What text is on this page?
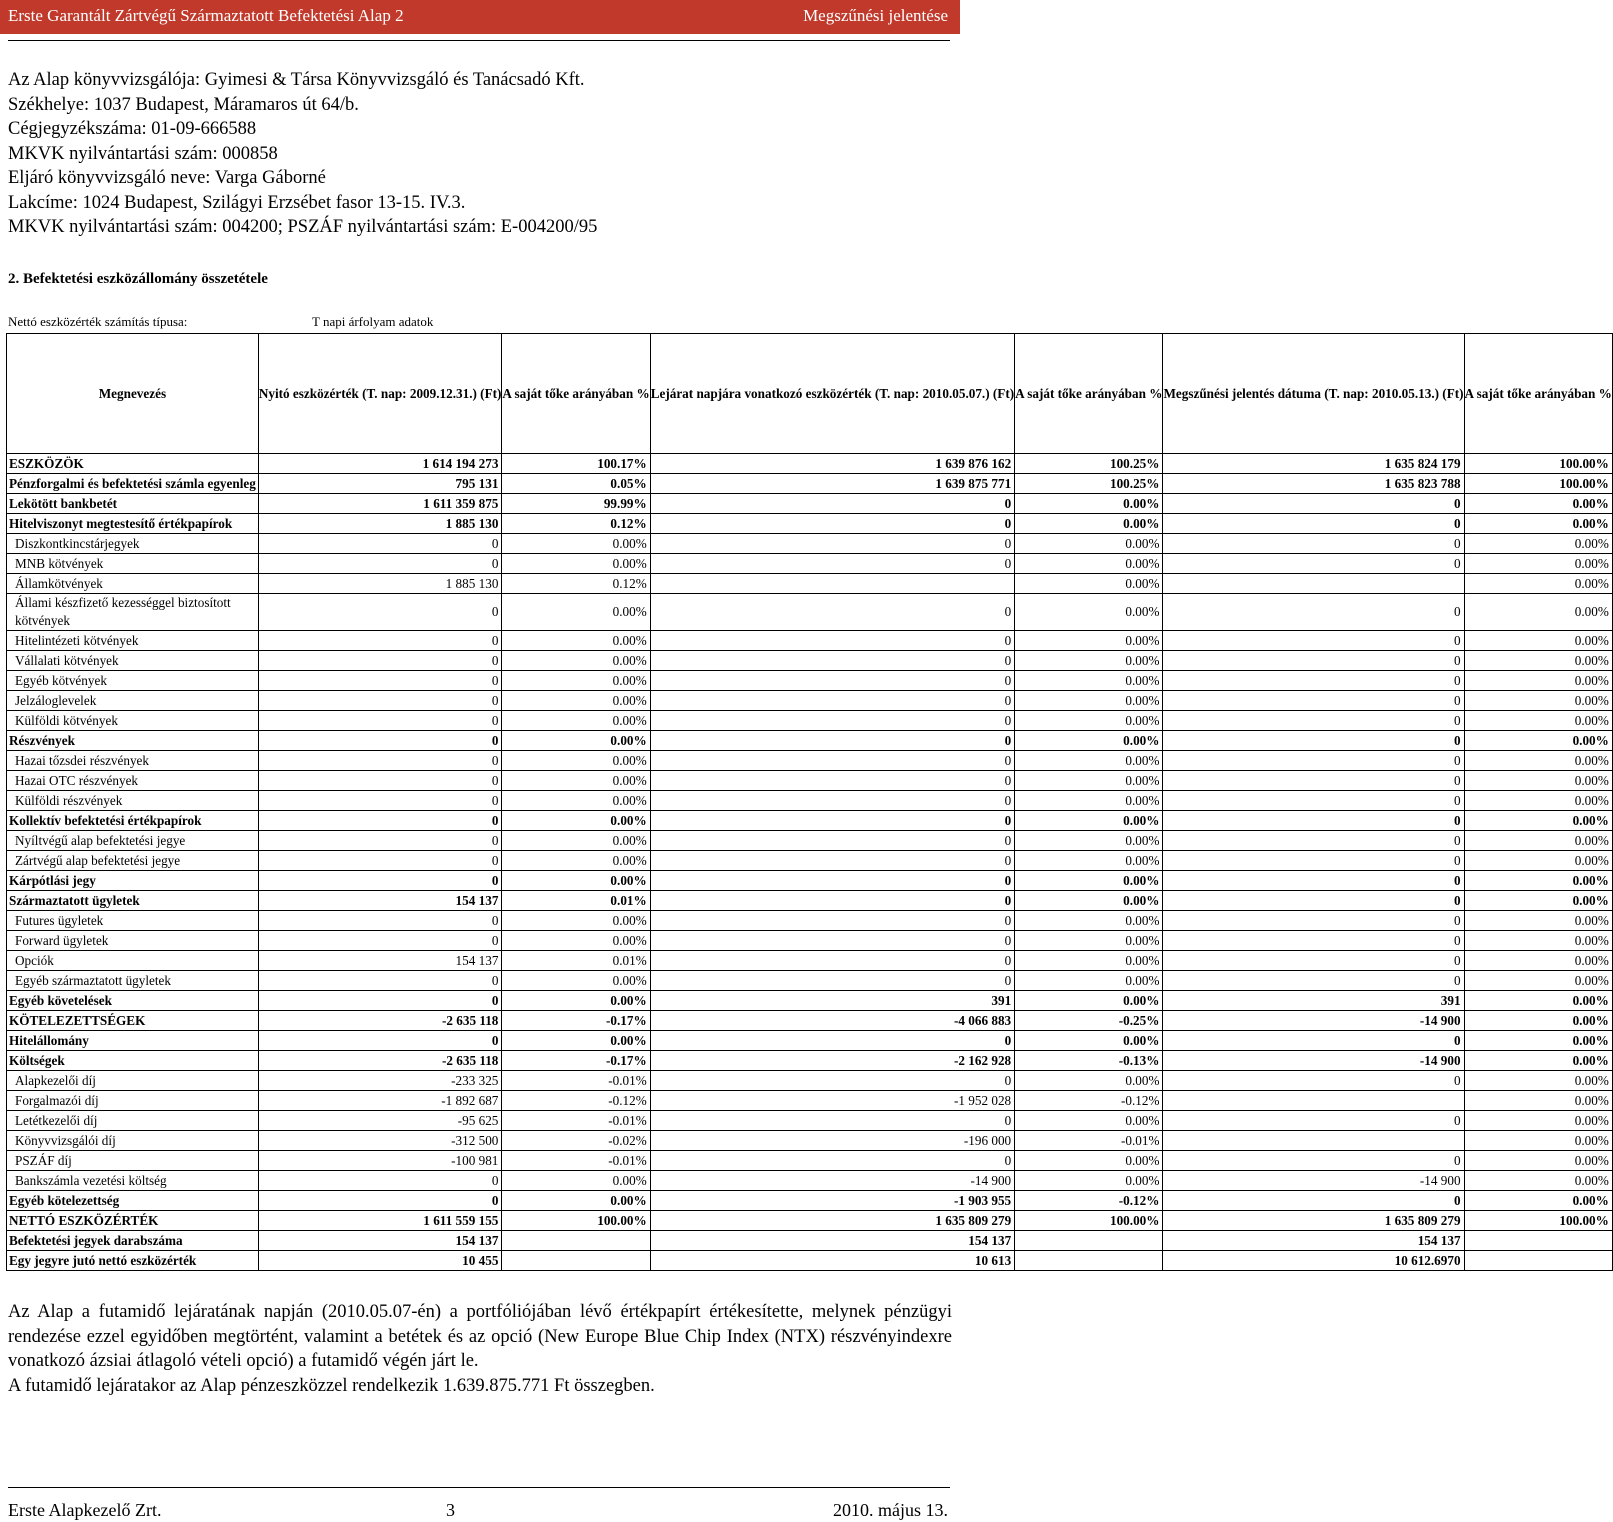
Erste Garantált Zártvégű Származtatott Befektetési Alap 2	Megszűnési jelentése
Az Alap könyvvizsgálója: Gyimesi & Társa Könyvvizsgáló és Tanácsadó Kft.
Székhelye: 1037 Budapest, Máramaros út 64/b.
Cégjegyzékszáma: 01-09-666588
MKVK nyilvántartási szám: 000858
Eljáró könyvvizsgáló neve: Varga Gáborné
Lakcíme: 1024 Budapest, Szilágyi Erzsébet fasor 13-15. IV.3.
MKVK nyilvántartási szám: 004200; PSZÁF nyilvántartási szám: E-004200/95
2. Befektetési eszközállomány összetétele
Nettó eszközérték számítás típusa:	T napi árfolyam adatok
Megnevezés	Nyitó eszközérték (T. nap: 2009.12.31.) (Ft)	A saját tőke arányában %	Lejárat napjára vonatkozó eszközérték (T. nap: 2010.05.07.) (Ft)	A saját tőke arányában %	Megszűnési jelentés dátuma (T. nap: 2010.05.13.) (Ft)	A saját tőke arányában %
ESZKÖZÖK	1 614 194 273	100.17%	1 639 876 162	100.25%	1 635 824 179	100.00%
Pénzforgalmi és befektetési számla egyenleg	795 131	0.05%	1 639 875 771	100.25%	1 635 823 788	100.00%
Lekötött bankbetét	1 611 359 875	99.99%	0	0.00%	0	0.00%
Hitelviszonyt megtestesítő értékpapírok	1 885 130	0.12%	0	0.00%	0	0.00%
Diszkontkincstárjegyek	0	0.00%	0	0.00%	0	0.00%
MNB kötvények	0	0.00%	0	0.00%	0	0.00%
Államkötvények	1 885 130	0.12%		0.00%		0.00%
Állami készfizető kezességgel biztosított kötvények	0	0.00%	0	0.00%	0	0.00%
Hitelintézeti kötvények	0	0.00%	0	0.00%	0	0.00%
Vállalati kötvények	0	0.00%	0	0.00%	0	0.00%
Egyéb kötvények	0	0.00%	0	0.00%	0	0.00%
Jelzáloglevelek	0	0.00%	0	0.00%	0	0.00%
Külföldi kötvények	0	0.00%	0	0.00%	0	0.00%
Részvények	0	0.00%	0	0.00%	0	0.00%
Hazai tőzsdei részvények	0	0.00%	0	0.00%	0	0.00%
Hazai OTC részvények	0	0.00%	0	0.00%	0	0.00%
Külföldi részvények	0	0.00%	0	0.00%	0	0.00%
Kollektív befektetési értékpapírok	0	0.00%	0	0.00%	0	0.00%
Nyíltvégű alap befektetési jegye	0	0.00%	0	0.00%	0	0.00%
Zártvégű alap befektetési jegye	0	0.00%	0	0.00%	0	0.00%
Kárpótlási jegy	0	0.00%	0	0.00%	0	0.00%
Származtatott ügyletek	154 137	0.01%	0	0.00%	0	0.00%
Futures ügyletek	0	0.00%	0	0.00%	0	0.00%
Forward ügyletek	0	0.00%	0	0.00%	0	0.00%
Opciók	154 137	0.01%	0	0.00%	0	0.00%
Egyéb származtatott ügyletek	0	0.00%	0	0.00%	0	0.00%
Egyéb követelések	0	0.00%	391	0.00%	391	0.00%
KÖTELEZETTSÉGEK	-2 635 118	-0.17%	-4 066 883	-0.25%	-14 900	0.00%
Hitelállomány	0	0.00%	0	0.00%	0	0.00%
Költségek	-2 635 118	-0.17%	-2 162 928	-0.13%	-14 900	0.00%
Alapkezelői díj	-233 325	-0.01%	0	0.00%	0	0.00%
Forgalmazói díj	-1 892 687	-0.12%	-1 952 028	-0.12%		0.00%
Letétkezelői díj	-95 625	-0.01%	0	0.00%	0	0.00%
Könyvvizsgálói díj	-312 500	-0.02%	-196 000	-0.01%		0.00%
PSZÁF díj	-100 981	-0.01%	0	0.00%	0	0.00%
Bankszámla vezetési költség	0	0.00%	-14 900	0.00%	-14 900	0.00%
Egyéb kötelezettség	0	0.00%	-1 903 955	-0.12%	0	0.00%
NETTÓ ESZKÖZÉRTÉK	1 611 559 155	100.00%	1 635 809 279	100.00%	1 635 809 279	100.00%
Befektetési jegyek darabszáma	154 137		154 137		154 137	
Egy jegyre jutó nettó eszközérték	10 455		10 613		10 612.6970	
Az Alap a futamidő lejáratának napján (2010.05.07-én) a portfóliójában lévő értékpapírt értékesítette, melynek pénzügyi rendezése ezzel egyidőben megtörtént, valamint a betétek és az opció (New Europe Blue Chip Index (NTX) részvényindexre vonatkozó ázsiai átlagoló vételi opció) a futamidő végén járt le.
A futamidő lejáratakor az Alap pénzeszközzel rendelkezik 1.639.875.771 Ft összegben.
Erste Alapkezelő Zrt.	3	2010. május 13.
